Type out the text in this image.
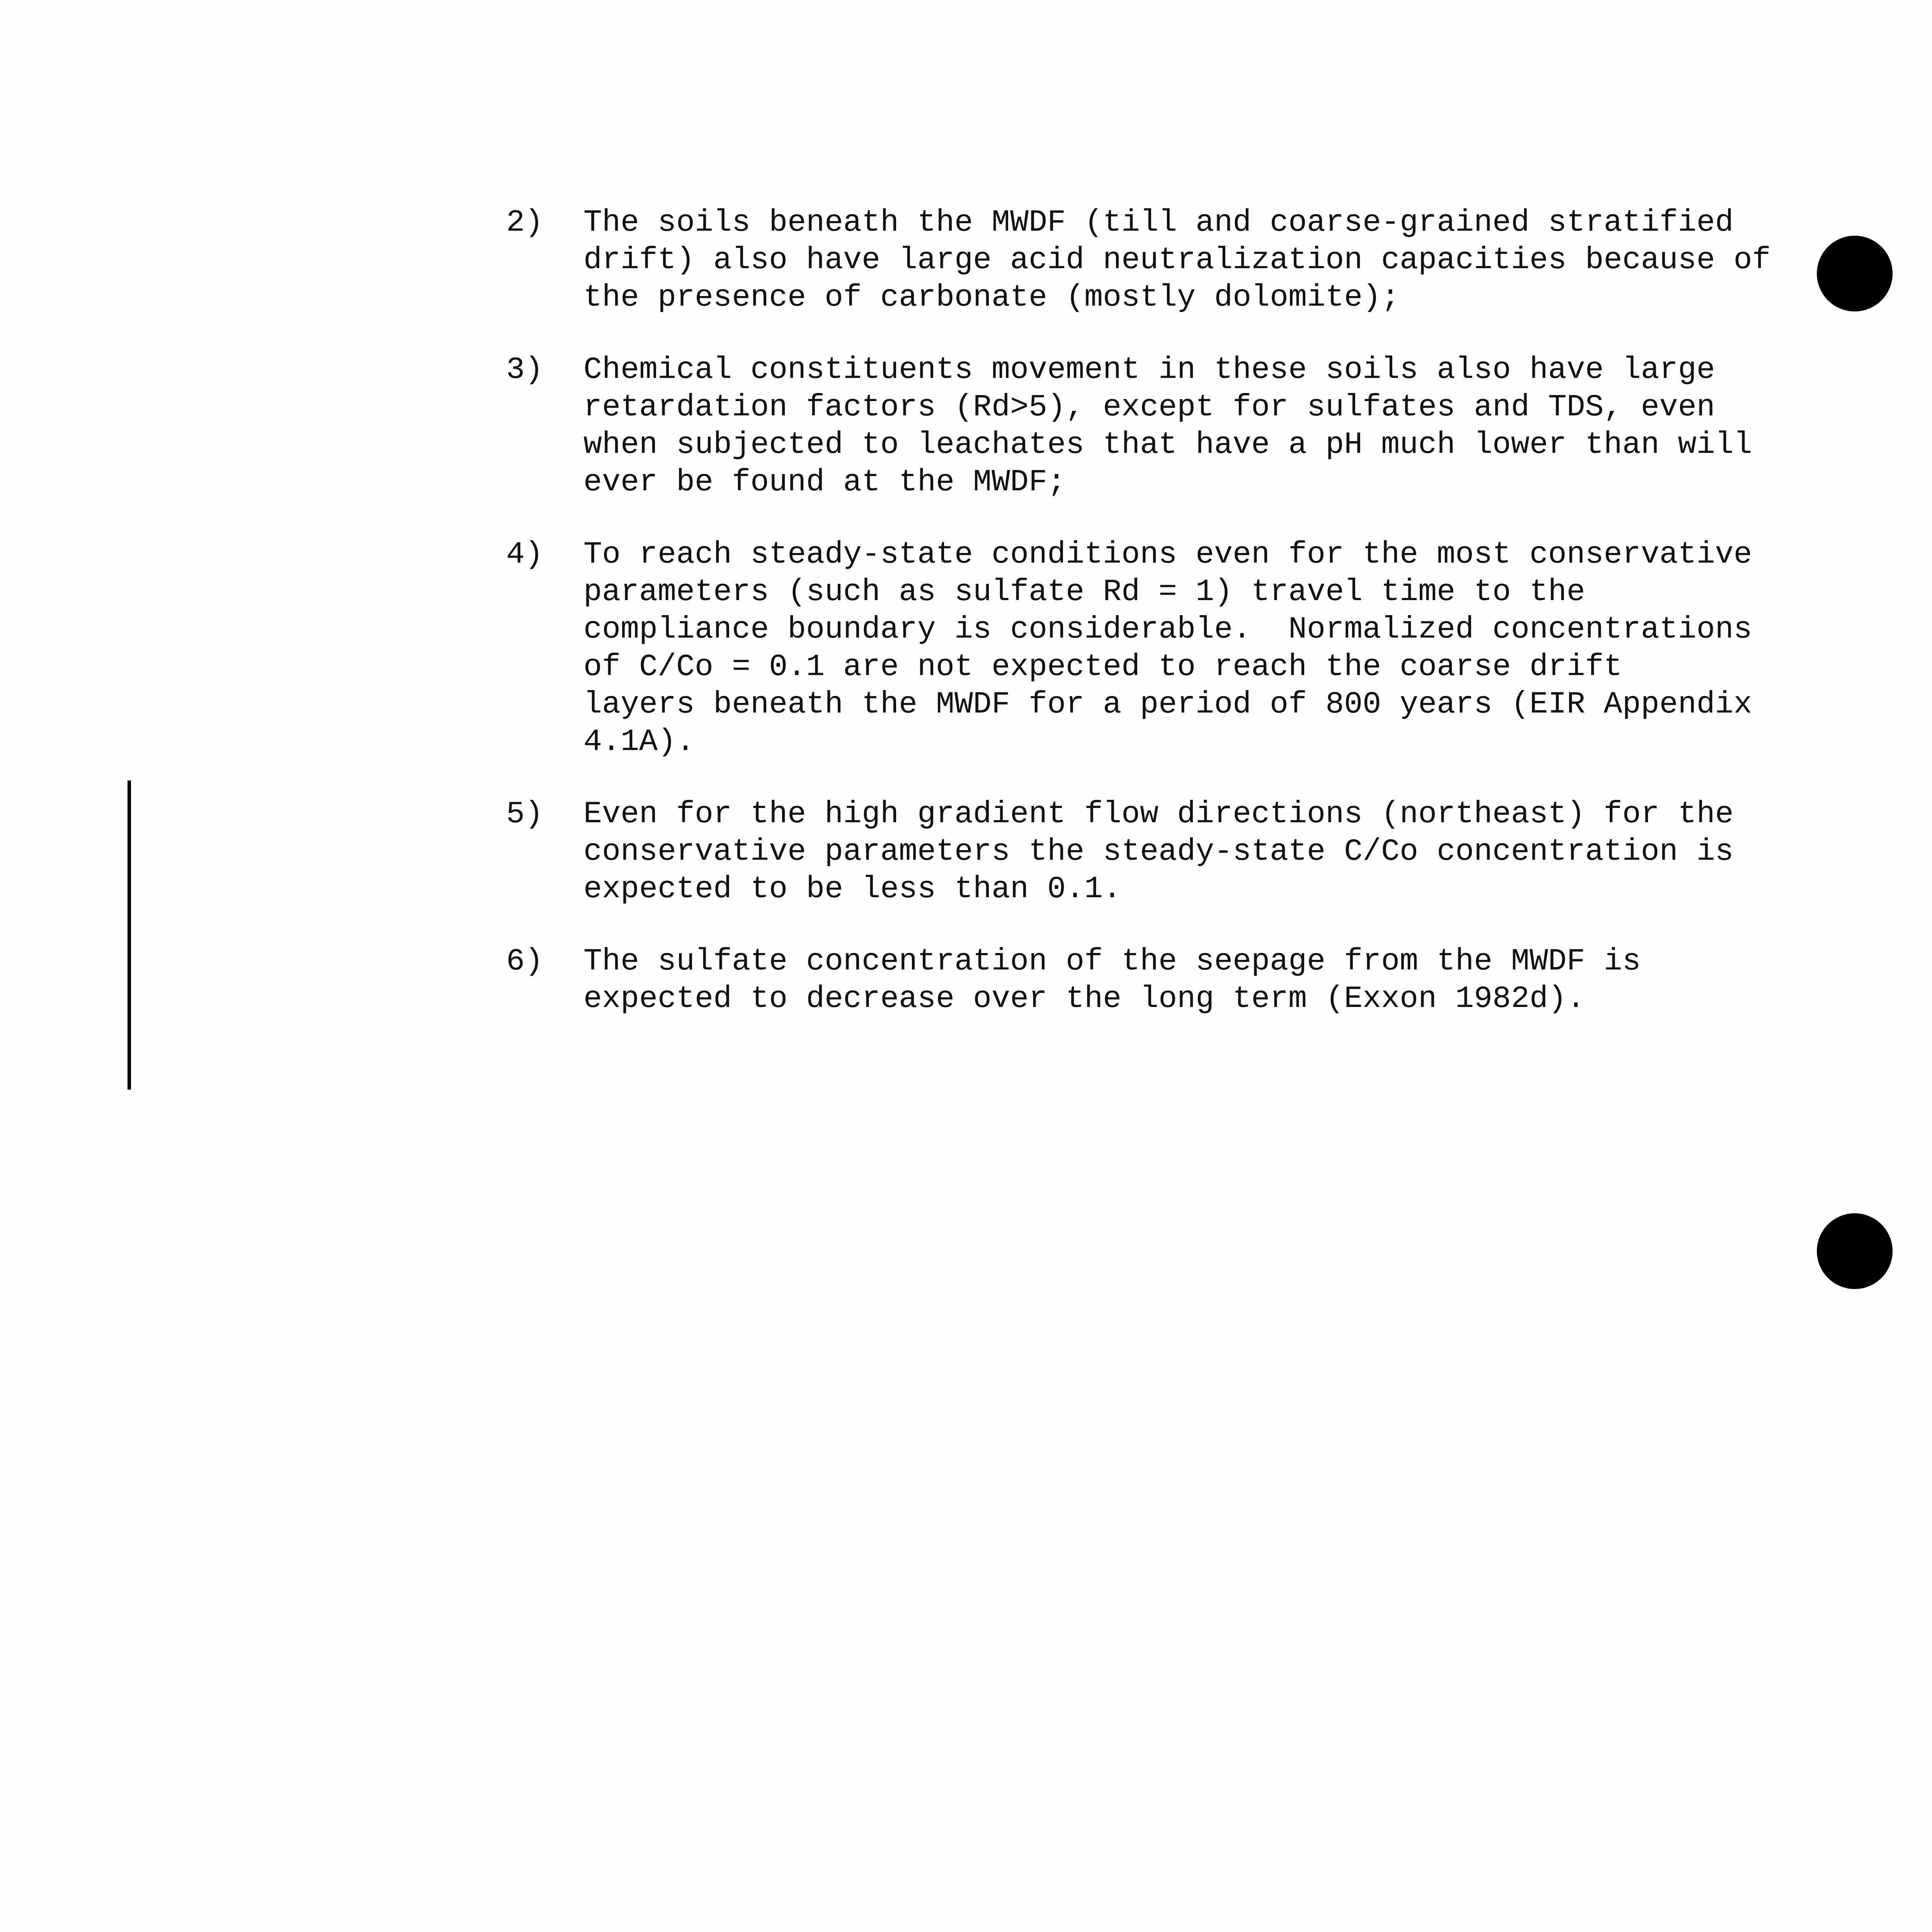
2) The soils beneath the MWDF (till and coarse-grained stratified
drift) also have large acid neutralization capacities because of
the presence of carbonate (mostly dolomite);
3) Chemical constituents movement in these soils also have large
retardation factors (Rd>5), except for sulfates and TDS, even
when subjected to leachates that have a pH much lower than will
ever be found at the MWDF;
4) To reach steady-state conditions even for the most conservative
parameters (such as sulfate Rd = 1) travel time to the
compliance boundary is considerable.  Normalized concentrations
of C/Co = 0.1 are not expected to reach the coarse drift
layers beneath the MWDF for a period of 800 years (EIR Appendix
4.1A).
5) Even for the high gradient flow directions (northeast) for the
conservative parameters the steady-state C/Co concentration is
expected to be less than 0.1.
6) The sulfate concentration of the seepage from the MWDF is
expected to decrease over the long term (Exxon 1982d).
